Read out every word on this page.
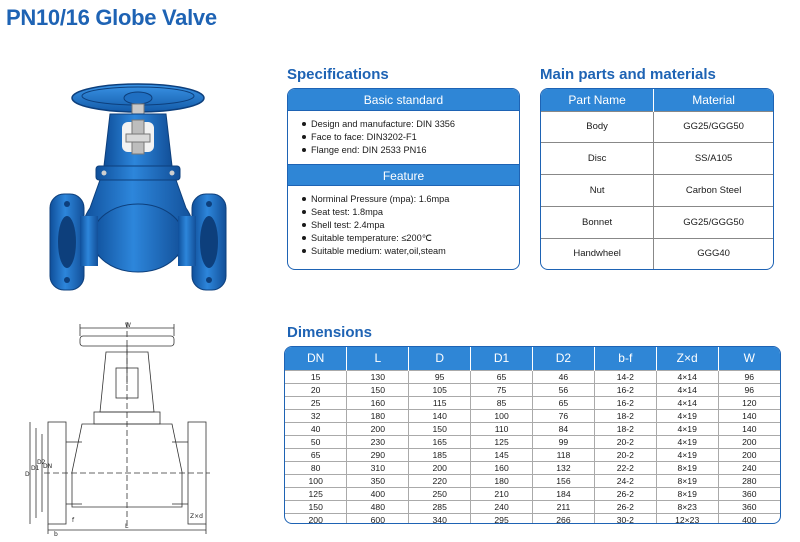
PN10/16 Globe Valve
W
D
D1
D2
DN
Z×d
L
f
b
Specifications
Basic standard
Design and manufacture: DIN 3356
Face to face: DIN3202-F1
Flange end: DIN 2533 PN16
Feature
Norminal Pressure (mpa): 1.6mpa
Seat test: 1.8mpa
Shell test: 2.4mpa
Suitable temperature: ≤200℃
Suitable medium: water,oil,steam
Main parts and materials
Part Name	Material
Body	GG25/GGG50
Disc	SS/A105
Nut	Carbon Steel
Bonnet	GG25/GGG50
Handwheel	GGG40
Dimensions
DN	L	D	D1	D2	b-f	Z×d	W
15	130	95	65	46	14-2	4×14	96
20	150	105	75	56	16-2	4×14	96
25	160	115	85	65	16-2	4×14	120
32	180	140	100	76	18-2	4×19	140
40	200	150	110	84	18-2	4×19	140
50	230	165	125	99	20-2	4×19	200
65	290	185	145	118	20-2	4×19	200
80	310	200	160	132	22-2	8×19	240
100	350	220	180	156	24-2	8×19	280
125	400	250	210	184	26-2	8×19	360
150	480	285	240	211	26-2	8×23	360
200	600	340	295	266	30-2	12×23	400
